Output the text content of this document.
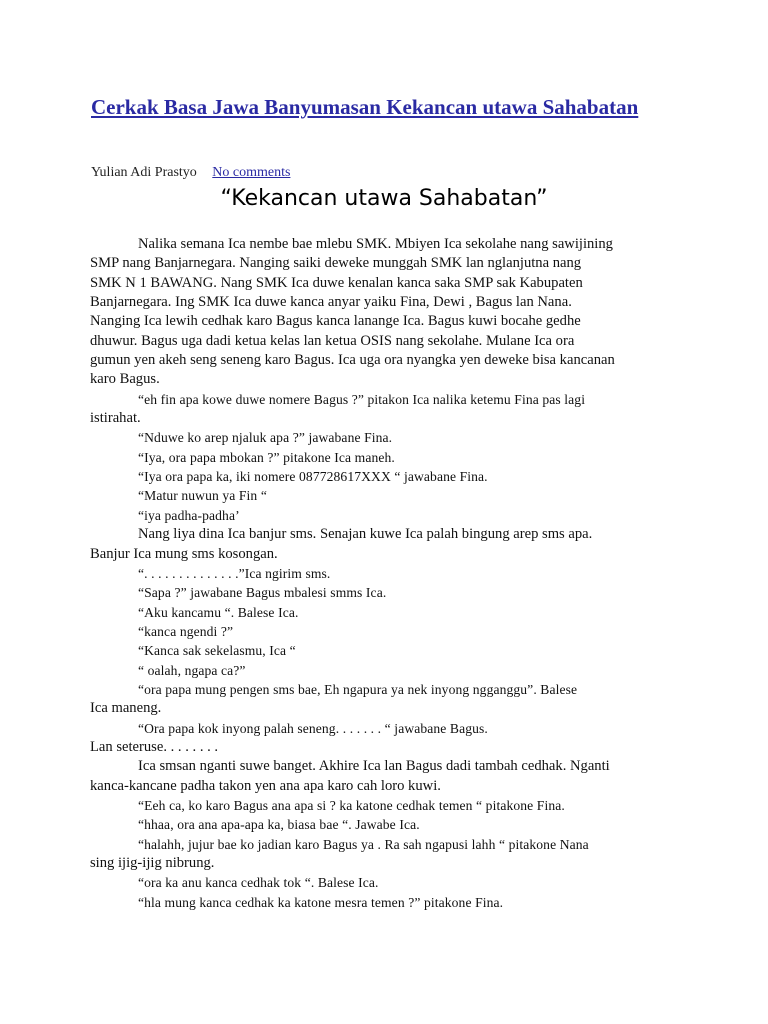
Cerkak Basa Jawa Banyumasan Kekancan utawa Sahabatan
Yulian Adi Prastyo No comments
“Kekancan utawa Sahabatan”
Nalika semana Ica nembe bae mlebu SMK. Mbiyen Ica sekolahe nang sawijining
SMP nang Banjarnegara. Nanging saiki deweke munggah SMK lan nglanjutna nang
SMK N 1 BAWANG. Nang SMK Ica duwe kenalan kanca saka SMP sak Kabupaten
Banjarnegara. Ing SMK Ica duwe kanca anyar yaiku Fina, Dewi , Bagus lan Nana.
Nanging Ica lewih cedhak karo Bagus kanca lanange Ica. Bagus kuwi bocahe gedhe
dhuwur. Bagus uga dadi ketua kelas lan ketua OSIS nang sekolahe. Mulane Ica ora
gumun yen akeh seng seneng karo Bagus. Ica uga ora nyangka yen deweke bisa kancanan
karo Bagus.
“eh fin apa kowe duwe nomere Bagus ?” pitakon Ica nalika ketemu Fina pas lagi
istirahat.
“Nduwe ko arep njaluk apa ?” jawabane Fina.
“Iya, ora papa mbokan ?” pitakone Ica maneh.
“Iya ora papa ka, iki nomere 087728617XXX “ jawabane Fina.
“Matur nuwun ya Fin “
“iya padha-padha’
Nang liya dina Ica banjur sms. Senajan kuwe Ica palah bingung arep sms apa.
Banjur Ica mung sms kosongan.
“. . . . . . . . . . . . . .”Ica ngirim sms.
“Sapa ?” jawabane Bagus mbalesi smms Ica.
“Aku kancamu “. Balese Ica.
“kanca ngendi ?”
“Kanca sak sekelasmu, Ica “
“ oalah, ngapa ca?”
“ora papa mung pengen sms bae, Eh ngapura ya nek inyong ngganggu”. Balese
Ica maneng.
“Ora papa kok inyong palah seneng. . . . . . . “ jawabane Bagus.
Lan seteruse. . . . . . . .
Ica smsan nganti suwe banget. Akhire Ica lan Bagus dadi tambah cedhak. Nganti
kanca-kancane padha takon yen ana apa karo cah loro kuwi.
“Eeh ca, ko karo Bagus ana apa si ? ka katone cedhak temen “ pitakone Fina.
“hhaa, ora ana apa-apa ka, biasa bae “. Jawabe Ica.
“halahh, jujur bae ko jadian karo Bagus ya . Ra sah ngapusi lahh “ pitakone Nana
sing ijig-ijig nibrung.
“ora ka anu kanca cedhak tok “. Balese Ica.
“hla mung kanca cedhak ka katone mesra temen ?” pitakone Fina.
